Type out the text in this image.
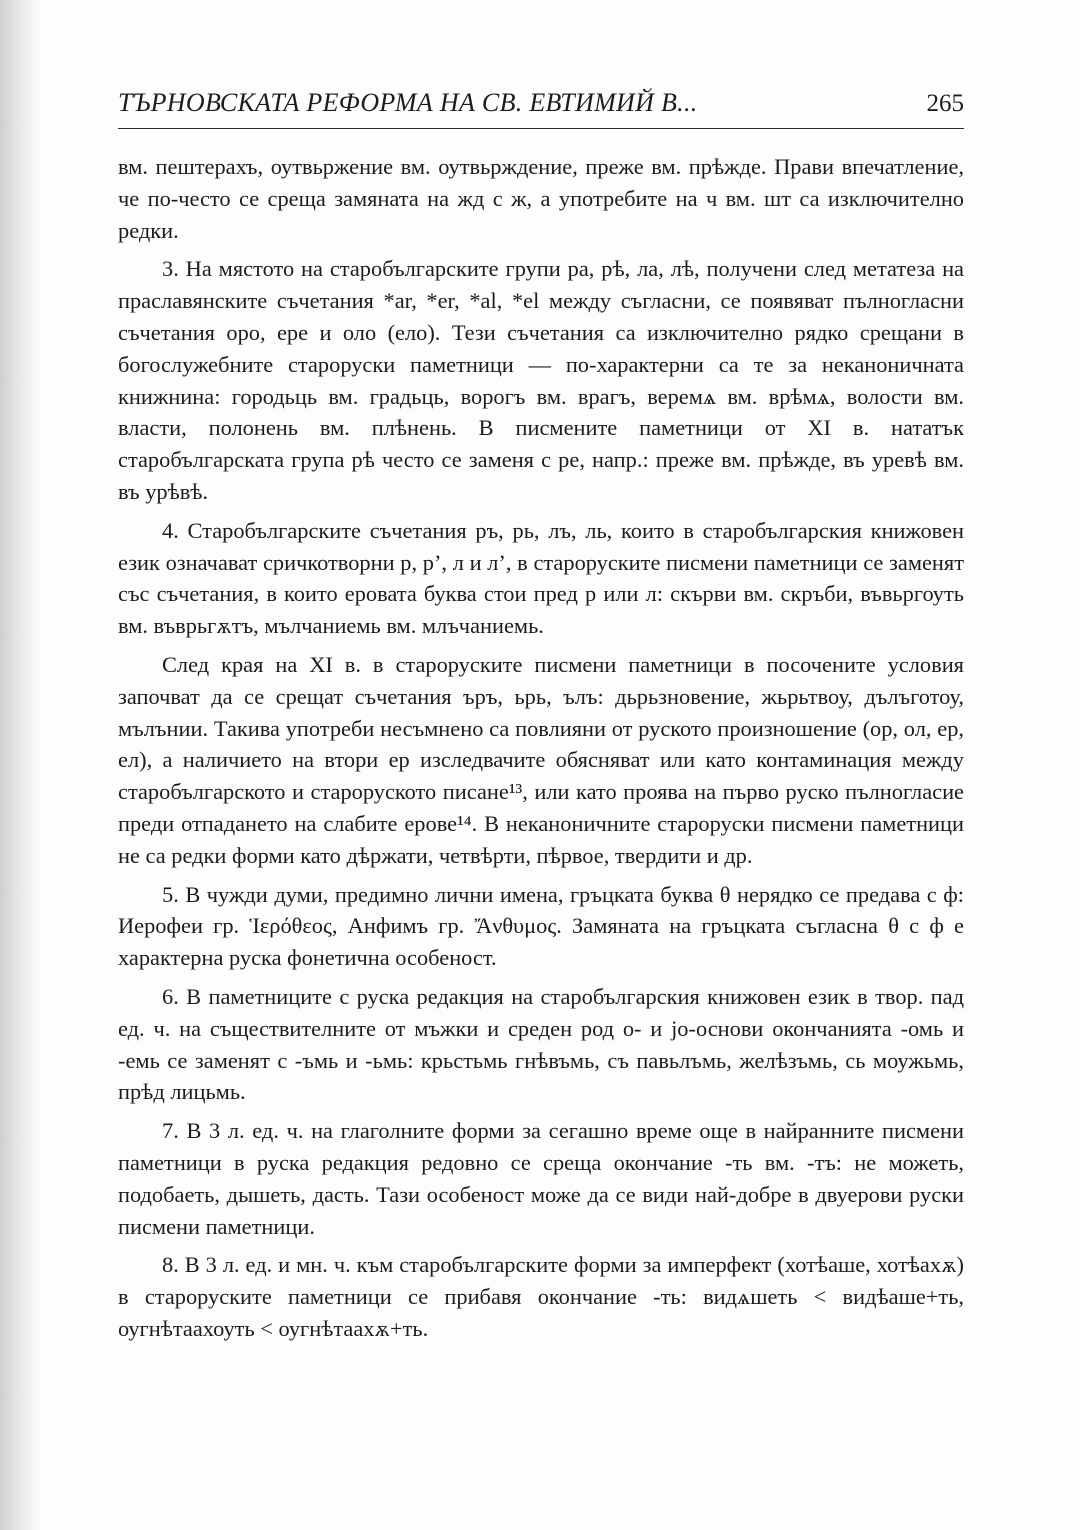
ТЪРНОВСКАТА РЕФОРМА НА СВ. ЕВТИМИЙ В...	265

вм. пештерахъ, оутвьржение вм. оутвьрждение, преже вм. прѣжде. Прави впечатление, че по-често се среща замяната на жд с ж, а употребите на ч вм. шт са изключително редки.

3. На мястото на старобългарските групи ра, рѣ, ла, лѣ, получени след метатеза на праславянските съчетания *ar, *er, *al, *el между съгласни, се появяват пълногласни съчетания оро, ере и оло (ело). Тези съчетания са изключително рядко срещани в богослужебните староруски паметници — по-характерни са те за неканоничната книжнина: городьць вм. градьць, ворогъ вм. врагъ, веремѧ вм. врѣмѧ, волости вм. власти, полонень вм. плѣнень. В писмените паметници от XI в. нататък старобългарската група рѣ често се заменя с ре, напр.: преже вм. прѣжде, въ уревѣ вм. въ урѣвѣ.

4. Старобългарските съчетания ръ, рь, лъ, ль, които в старобългарския книжовен език означават сричкотворни р, р’, л и л’, в староруските писмени паметници се заменят със съчетания, в които еровата буква стои пред р или л: скърви вм. скръби, въвьргоуть вм. въврьгѫтъ, мълчаниемь вм. млъчаниемь.

След края на XI в. в староруските писмени паметници в посочените условия започват да се срещат съчетания ъръ, ьрь, ълъ: дьрьзновение, жьрьтвоу, дълъготоу, мълънии. Такива употреби несъмнено са повлияни от руското произношение (ор, ол, ер, ел), а наличието на втори ер изследвачите обясняват или като контаминация между старобългарското и староруското писане¹³, или като проява на първо руско пълногласие преди отпадането на слабите ерове¹⁴. В неканоничните староруски писмени паметници не са редки форми като дѣржати, четвѣрти, пѣрвое, твердити и др.

5. В чужди думи, предимно лични имена, гръцката буква θ нерядко се предава с ф: Иерофеи гр. Ἱερόθεος, Анфимъ гр. Ἄνθυμος. Замяната на гръцката съгласна θ с ф е характерна руска фонетична особеност.

6. В паметниците с руска редакция на старобългарския книжовен език в твор. пад ед. ч. на съществителните от мъжки и среден род о- и jo-основи окончанията -омь и -емь се заменят с -ъмь и -ьмь: крьстьмь гнѣвъмь, съ павьлъмь, желѣзъмь, сь моужьмь, прѣд лицьмь.

7. В 3 л. ед. ч. на глаголните форми за сегашно време още в найранните писмени паметници в руска редакция редовно се среща окончание -ть вм. -тъ: не можеть, подобаеть, дышеть, дасть. Тази особеност може да се види най-добре в двуерови руски писмени паметници.

8. В 3 л. ед. и мн. ч. към старобългарските форми за имперфект (хотѣаше, хотѣахѫ) в староруските паметници се прибавя окончание -ть: видѧшеть < видѣаше+ть, оугнѣтаахоуть < оугнѣтаахѫ+ть.
